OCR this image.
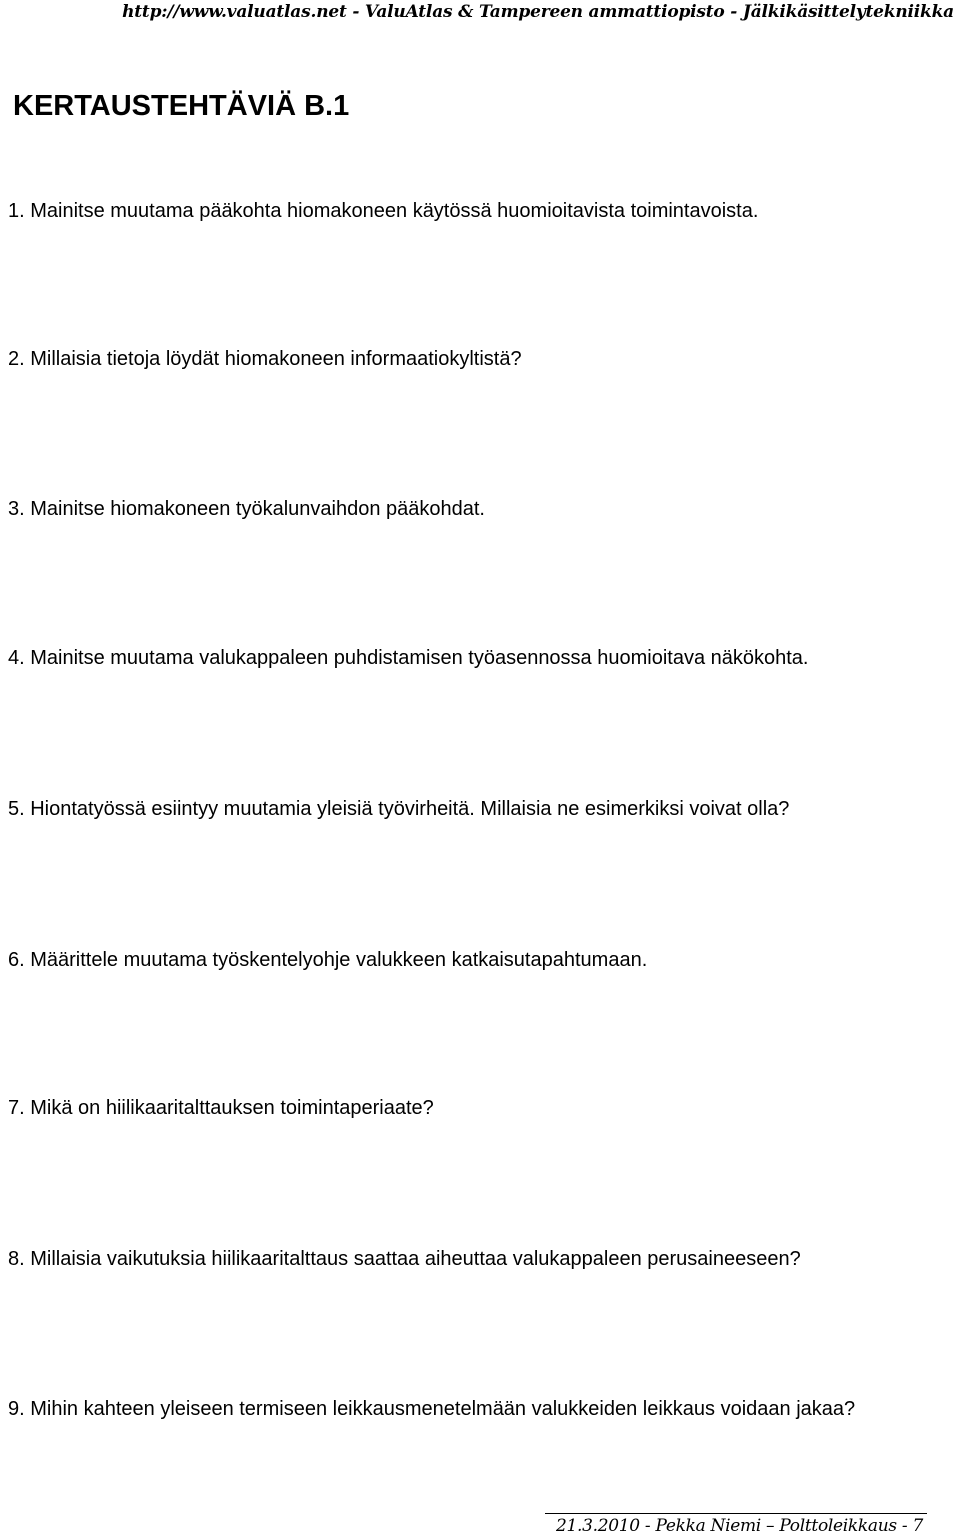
http://www.valuatlas.net - ValuAtlas & Tampereen ammattiopisto - Jälkikäsittelytekniikka
KERTAUSTEHTÄVIÄ B.1

1. Mainitse muutama pääkohta hiomakoneen käytössä huomioitavista toimintavoista.

2. Millaisia tietoja löydät hiomakoneen informaatiokyltistä?

3. Mainitse hiomakoneen työkalunvaihdon pääkohdat.

4. Mainitse muutama valukappaleen puhdistamisen työasennossa huomioitava näkökohta.

5. Hiontatyössä esiintyy muutamia yleisiä työvirheitä. Millaisia ne esimerkiksi voivat olla?

6. Määrittele muutama työskentelyohje valukkeen katkaisutapahtumaan.

7. Mikä on hiilikaaritalttauksen toimintaperiaate?

8. Millaisia vaikutuksia hiilikaaritalttaus saattaa aiheuttaa valukappaleen perusaineeseen?

9. Mihin kahteen yleiseen termiseen leikkausmenetelmään valukkeiden leikkaus voidaan jakaa?

21.3.2010 - Pekka Niemi – Polttoleikkaus - 7
